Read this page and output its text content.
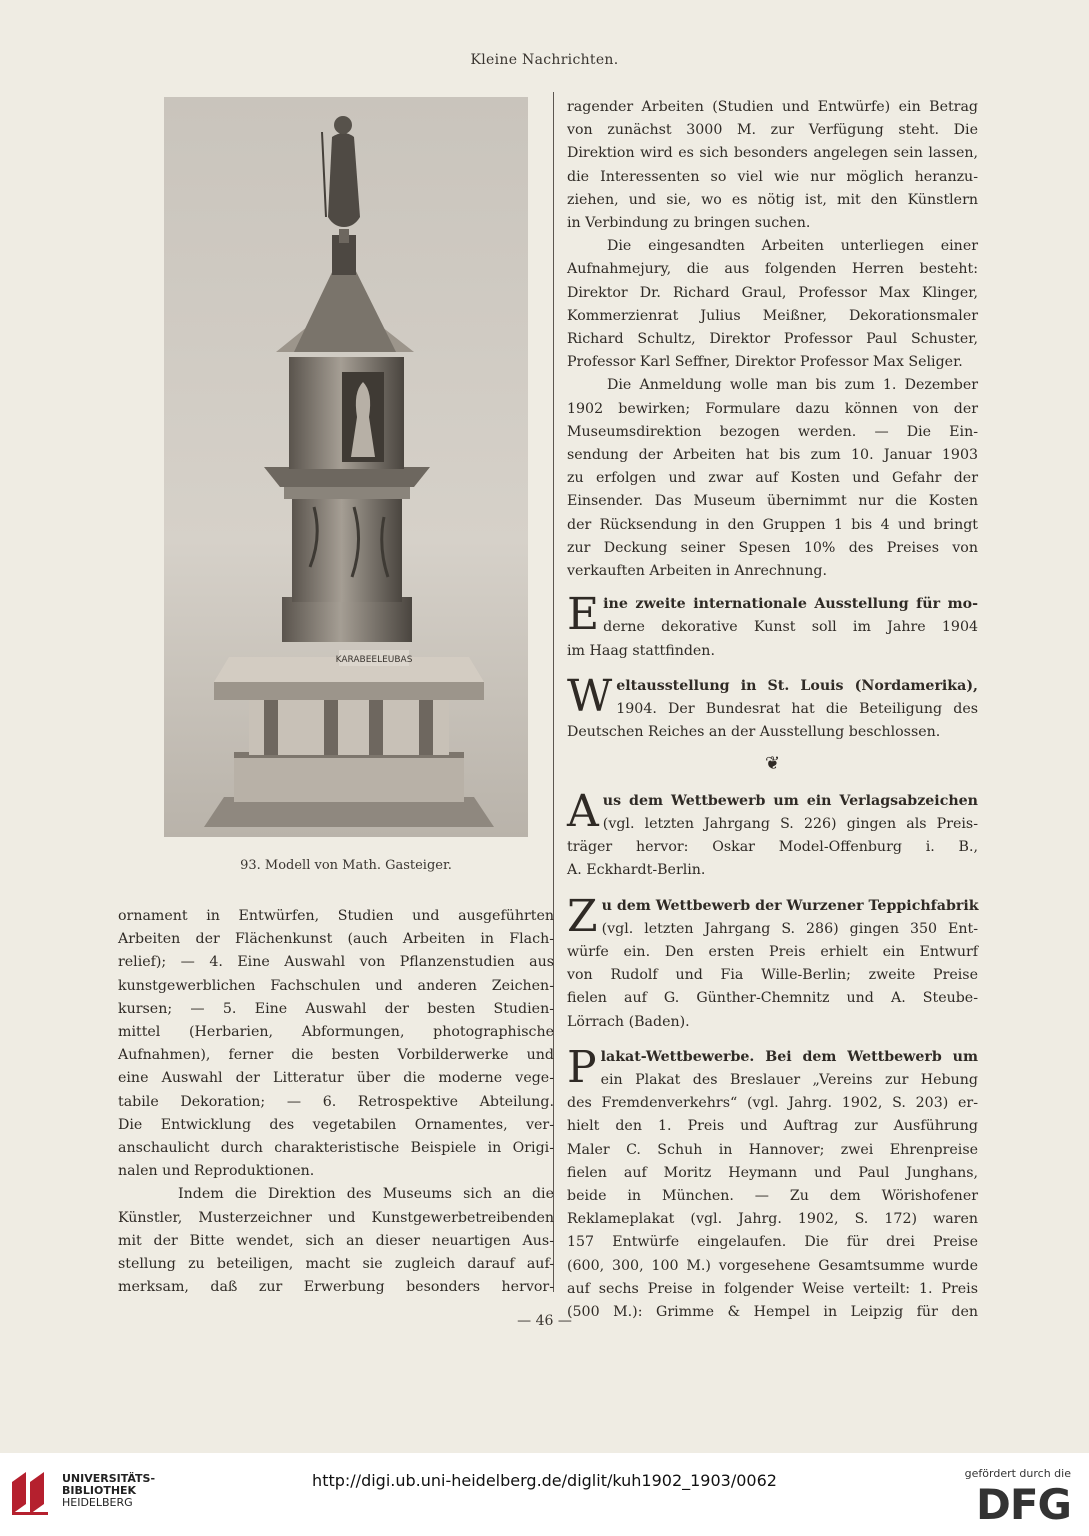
Kleine Nachrichten.
KARABEELEUBAS
93. Modell von Math. Gasteiger.
ornament in Entwürfen, Studien und ausgeführten
Arbeiten der Flächenkunst (auch Arbeiten in Flach-
relief); — 4. Eine Auswahl von Pflanzenstudien aus
kunstgewerblichen Fachschulen und anderen Zeichen-
kursen; — 5. Eine Auswahl der besten Studien-
mittel (Herbarien, Abformungen, photographische
Aufnahmen), ferner die besten Vorbilderwerke und
eine Auswahl der Litteratur über die moderne vege-
tabile Dekoration; — 6. Retrospektive Abteilung.
Die Entwicklung des vegetabilen Ornamentes, ver-
anschaulicht durch charakteristische Beispiele in Origi-
nalen und Reproduktionen.
Indem die Direktion des Museums sich an die
Künstler, Musterzeichner und Kunstgewerbetreibenden
mit der Bitte wendet, sich an dieser neuartigen Aus-
stellung zu beteiligen, macht sie zugleich darauf auf-
merksam, daß zur Erwerbung besonders hervor-
ragender Arbeiten (Studien und Entwürfe) ein Betrag
von zunächst 3000 M. zur Verfügung steht. Die
Direktion wird es sich besonders angelegen sein lassen,
die Interessenten so viel wie nur möglich heranzu-
ziehen, und sie, wo es nötig ist, mit den Künstlern
in Verbindung zu bringen suchen.
Die eingesandten Arbeiten unterliegen einer
Aufnahmejury, die aus folgenden Herren besteht:
Direktor Dr. Richard Graul, Professor Max Klinger,
Kommerzienrat Julius Meißner, Dekorationsmaler
Richard Schultz, Direktor Professor Paul Schuster,
Professor Karl Seffner, Direktor Professor Max Seliger.
Die Anmeldung wolle man bis zum 1. Dezember
1902 bewirken; Formulare dazu können von der
Museumsdirektion bezogen werden. — Die Ein-
sendung der Arbeiten hat bis zum 10. Januar 1903
zu erfolgen und zwar auf Kosten und Gefahr der
Einsender. Das Museum übernimmt nur die Kosten
der Rücksendung in den Gruppen 1 bis 4 und bringt
zur Deckung seiner Spesen 10% des Preises von
verkauften Arbeiten in Anrechnung.
E ine zweite internationale Ausstellung für mo-
derne dekorative Kunst soll im Jahre 1904
im Haag stattfinden.
W eltausstellung in St. Louis (Nordamerika),
1904. Der Bundesrat hat die Beteiligung des
Deutschen Reiches an der Ausstellung beschlossen.
❦
A us dem Wettbewerb um ein Verlagsabzeichen
(vgl. letzten Jahrgang S. 226) gingen als Preis-
träger hervor: Oskar Model-Offenburg i. B.,
A. Eckhardt-Berlin.
Z u dem Wettbewerb der Wurzener Teppichfabrik
(vgl. letzten Jahrgang S. 286) gingen 350 Ent-
würfe ein. Den ersten Preis erhielt ein Entwurf
von Rudolf und Fia Wille-Berlin; zweite Preise
fielen auf G. Günther-Chemnitz und A. Steube-
Lörrach (Baden).
P lakat-Wettbewerbe. Bei dem Wettbewerb um
ein Plakat des Breslauer „Vereins zur Hebung
des Fremdenverkehrs“ (vgl. Jahrg. 1902, S. 203) er-
hielt den 1. Preis und Auftrag zur Ausführung
Maler C. Schuh in Hannover; zwei Ehrenpreise
fielen auf Moritz Heymann und Paul Junghans,
beide in München. — Zu dem Wörishofener
Reklameplakat (vgl. Jahrg. 1902, S. 172) waren
157 Entwürfe eingelaufen. Die für drei Preise
(600, 300, 100 M.) vorgesehene Gesamtsumme wurde
auf sechs Preise in folgender Weise verteilt: 1. Preis
(500 M.): Grimme & Hempel in Leipzig für den
— 46 —
UNIVERSITÄTS-
BIBLIOTHEK
HEIDELBERG
http://digi.ub.uni-heidelberg.de/diglit/kuh1902_1903/0062	gefördert durch die
DFG
